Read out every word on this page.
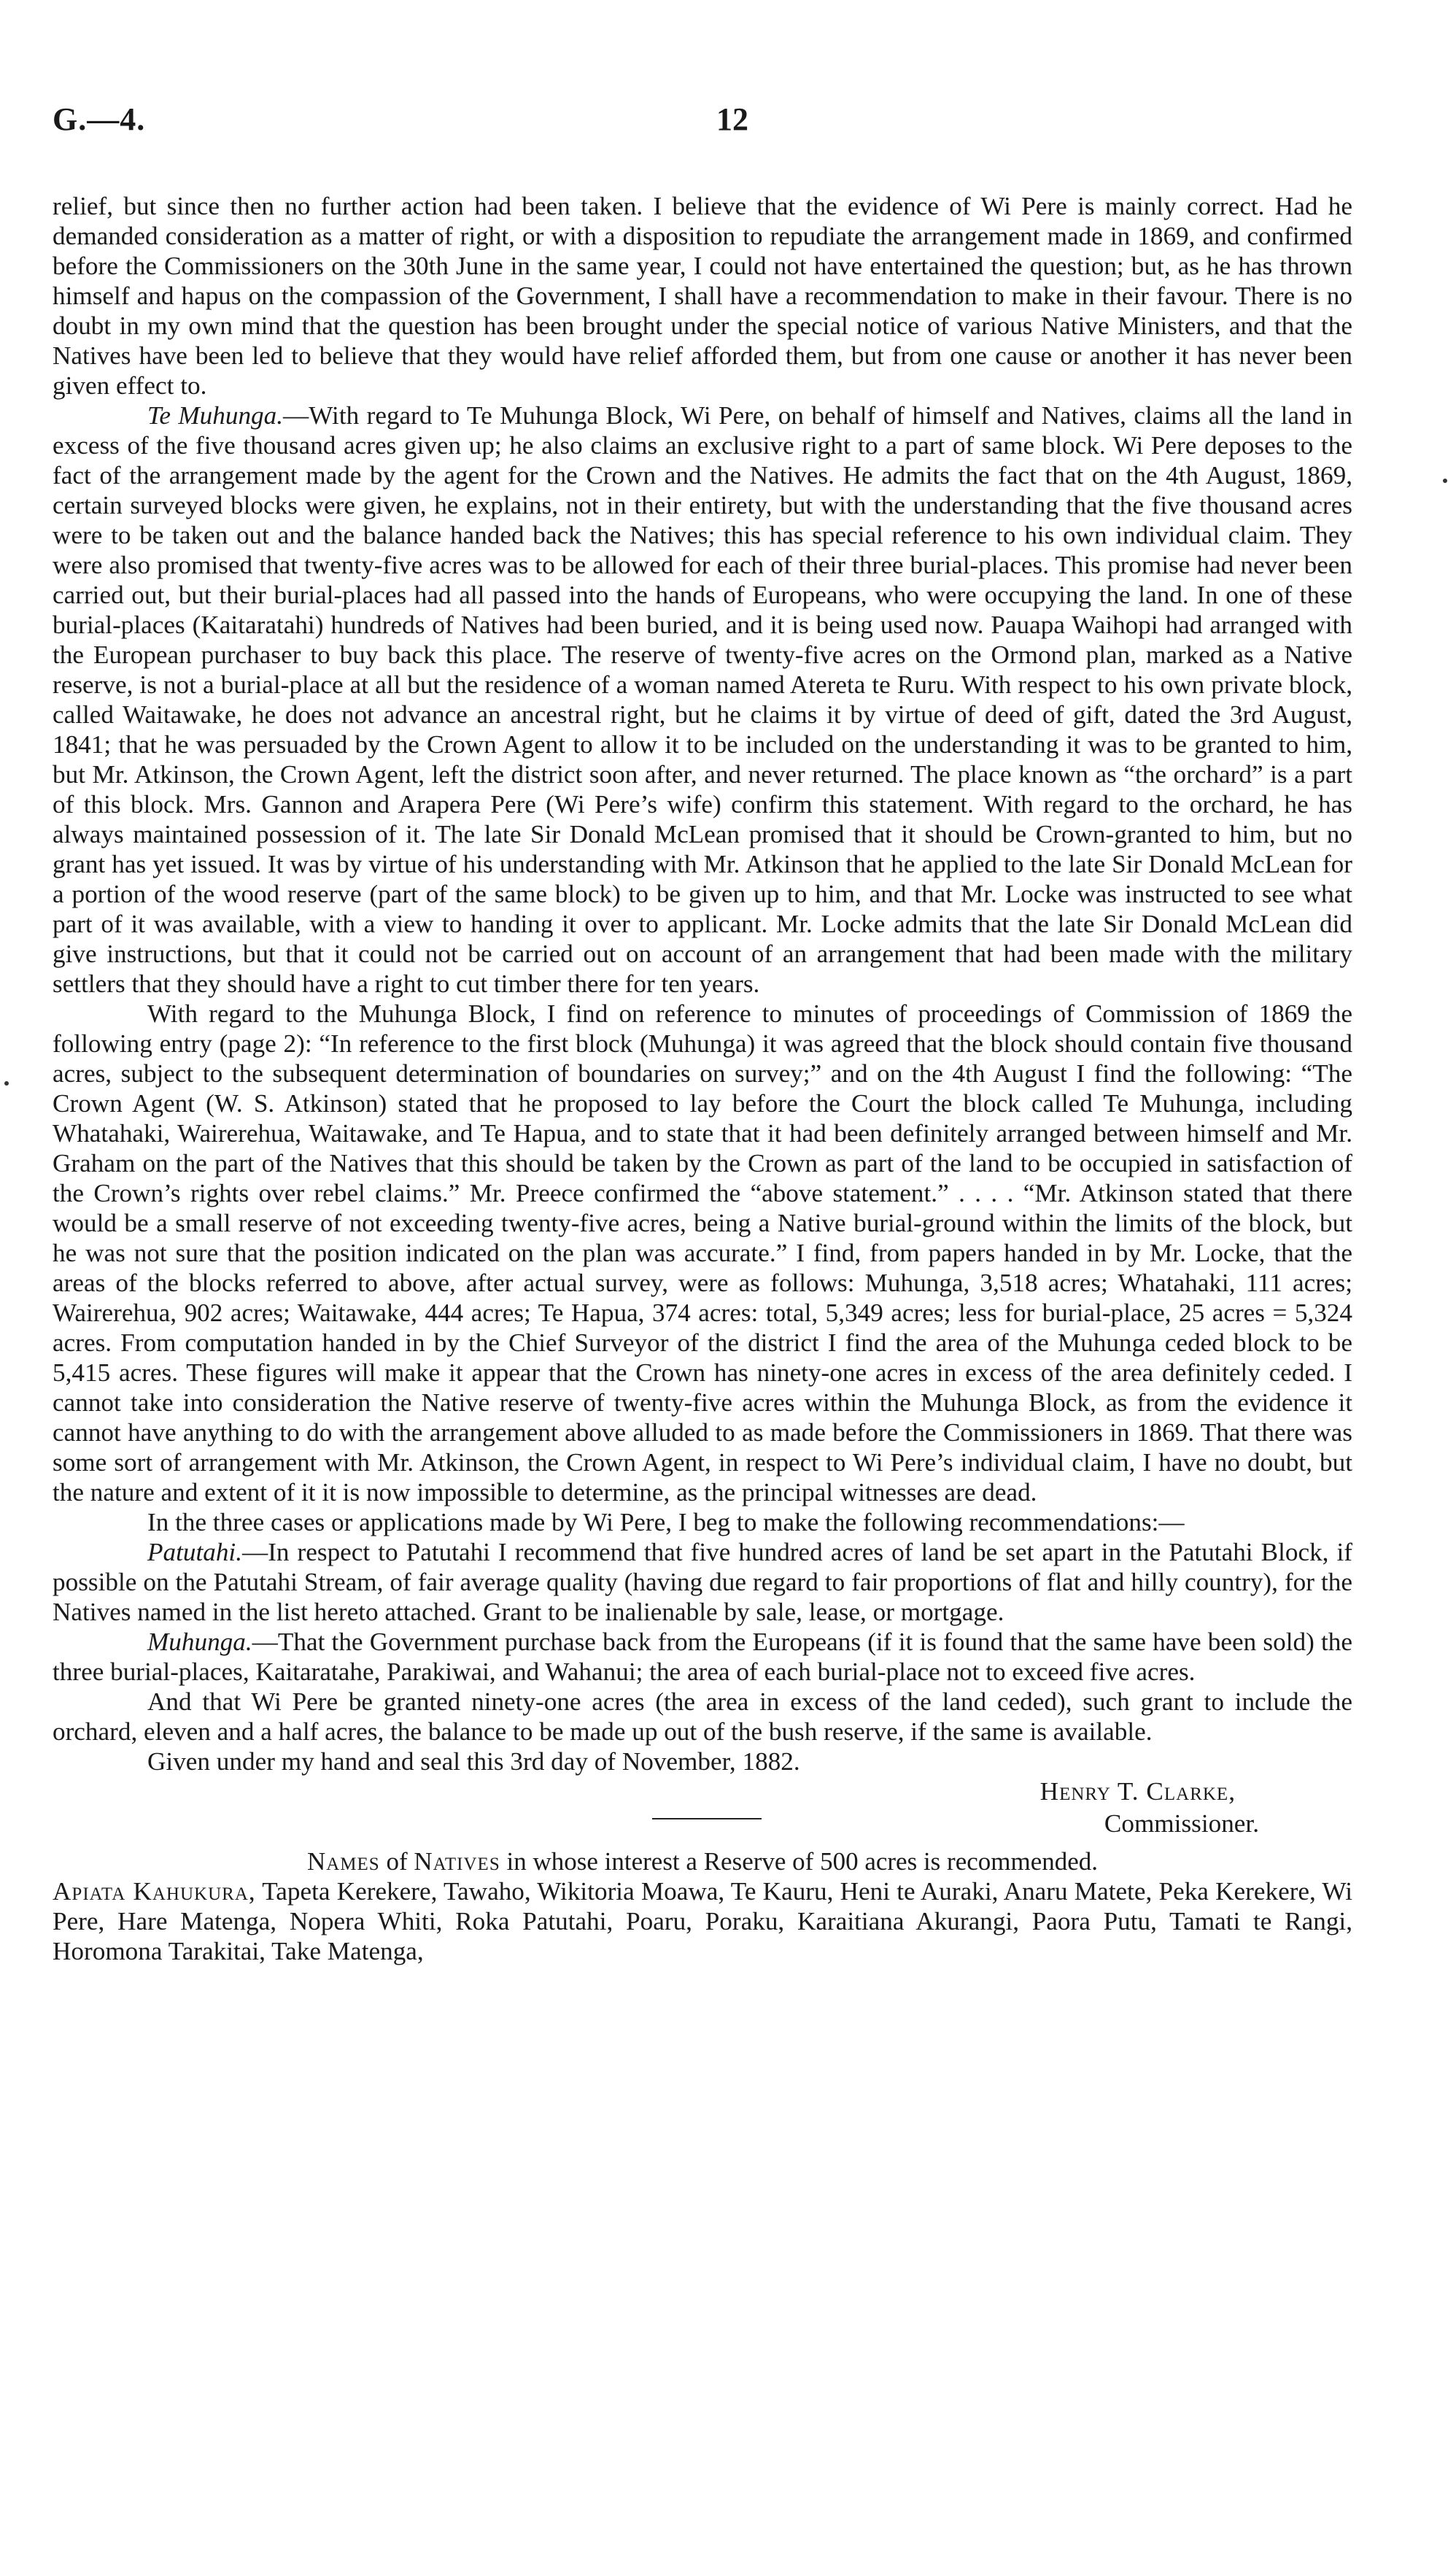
G.—4.	12

relief, but since then no further action had been taken. I believe that the evidence of Wi Pere is mainly correct. Had he demanded consideration as a matter of right, or with a disposition to repudiate the arrangement made in 1869, and confirmed before the Commissioners on the 30th June in the same year, I could not have entertained the question; but, as he has thrown himself and hapus on the compassion of the Government, I shall have a recommendation to make in their favour. There is no doubt in my own mind that the question has been brought under the special notice of various Native Ministers, and that the Natives have been led to believe that they would have relief afforded them, but from one cause or another it has never been given effect to.

Te Muhunga.—With regard to Te Muhunga Block, Wi Pere, on behalf of himself and Natives, claims all the land in excess of the five thousand acres given up; he also claims an exclusive right to a part of same block. Wi Pere deposes to the fact of the arrangement made by the agent for the Crown and the Natives. He admits the fact that on the 4th August, 1869, certain surveyed blocks were given, he explains, not in their entirety, but with the understanding that the five thousand acres were to be taken out and the balance handed back the Natives; this has special reference to his own individual claim. They were also promised that twenty-five acres was to be allowed for each of their three burial-places. This promise had never been carried out, but their burial-places had all passed into the hands of Europeans, who were occupying the land. In one of these burial-places (Kaitaratahi) hundreds of Natives had been buried, and it is being used now. Pauapa Waihopi had arranged with the European purchaser to buy back this place. The reserve of twenty-five acres on the Ormond plan, marked as a Native reserve, is not a burial-place at all but the residence of a woman named Atereta te Ruru. With respect to his own private block, called Waitawake, he does not advance an ancestral right, but he claims it by virtue of deed of gift, dated the 3rd August, 1841; that he was persuaded by the Crown Agent to allow it to be included on the understanding it was to be granted to him, but Mr. Atkinson, the Crown Agent, left the district soon after, and never returned. The place known as “the orchard” is a part of this block. Mrs. Gannon and Arapera Pere (Wi Pere’s wife) confirm this statement. With regard to the orchard, he has always maintained possession of it. The late Sir Donald McLean promised that it should be Crown-granted to him, but no grant has yet issued. It was by virtue of his understanding with Mr. Atkinson that he applied to the late Sir Donald McLean for a portion of the wood reserve (part of the same block) to be given up to him, and that Mr. Locke was instructed to see what part of it was available, with a view to handing it over to applicant. Mr. Locke admits that the late Sir Donald McLean did give instructions, but that it could not be carried out on account of an arrangement that had been made with the military settlers that they should have a right to cut timber there for ten years.

With regard to the Muhunga Block, I find on reference to minutes of proceedings of Commission of 1869 the following entry (page 2): “In reference to the first block (Muhunga) it was agreed that the block should contain five thousand acres, subject to the subsequent determination of boundaries on survey;” and on the 4th August I find the following: “The Crown Agent (W. S. Atkinson) stated that he proposed to lay before the Court the block called Te Muhunga, including Whatahaki, Wairerehua, Waitawake, and Te Hapua, and to state that it had been definitely arranged between himself and Mr. Graham on the part of the Natives that this should be taken by the Crown as part of the land to be occupied in satisfaction of the Crown’s rights over rebel claims.” Mr. Preece confirmed the “above statement.” . . . . “Mr. Atkinson stated that there would be a small reserve of not exceeding twenty-five acres, being a Native burial-ground within the limits of the block, but he was not sure that the position indicated on the plan was accurate.” I find, from papers handed in by Mr. Locke, that the areas of the blocks referred to above, after actual survey, were as follows: Muhunga, 3,518 acres; Whatahaki, 111 acres; Wairerehua, 902 acres; Waitawake, 444 acres; Te Hapua, 374 acres: total, 5,349 acres; less for burial-place, 25 acres = 5,324 acres. From computation handed in by the Chief Surveyor of the district I find the area of the Muhunga ceded block to be 5,415 acres. These figures will make it appear that the Crown has ninety-one acres in excess of the area definitely ceded. I cannot take into consideration the Native reserve of twenty-five acres within the Muhunga Block, as from the evidence it cannot have anything to do with the arrangement above alluded to as made before the Commissioners in 1869. That there was some sort of arrangement with Mr. Atkinson, the Crown Agent, in respect to Wi Pere’s individual claim, I have no doubt, but the nature and extent of it it is now impossible to determine, as the principal witnesses are dead.

In the three cases or applications made by Wi Pere, I beg to make the following recommendations:—

Patutahi.—In respect to Patutahi I recommend that five hundred acres of land be set apart in the Patutahi Block, if possible on the Patutahi Stream, of fair average quality (having due regard to fair proportions of flat and hilly country), for the Natives named in the list hereto attached. Grant to be inalienable by sale, lease, or mortgage.

Muhunga.—That the Government purchase back from the Europeans (if it is found that the same have been sold) the three burial-places, Kaitaratahe, Parakiwai, and Wahanui; the area of each burial-place not to exceed five acres.

And that Wi Pere be granted ninety-one acres (the area in excess of the land ceded), such grant to include the orchard, eleven and a half acres, the balance to be made up out of the bush reserve, if the same is available.

Given under my hand and seal this 3rd day of November, 1882.

Henry T. Clarke,
Commissioner.

Names of Natives in whose interest a Reserve of 500 acres is recommended.

Apiata Kahukura, Tapeta Kerekere, Tawaho, Wikitoria Moawa, Te Kauru, Heni te Auraki, Anaru Matete, Peka Kerekere, Wi Pere, Hare Matenga, Nopera Whiti, Roka Patutahi, Poaru, Poraku, Karaitiana Akurangi, Paora Putu, Tamati te Rangi, Horomona Tarakitai, Take Matenga,
